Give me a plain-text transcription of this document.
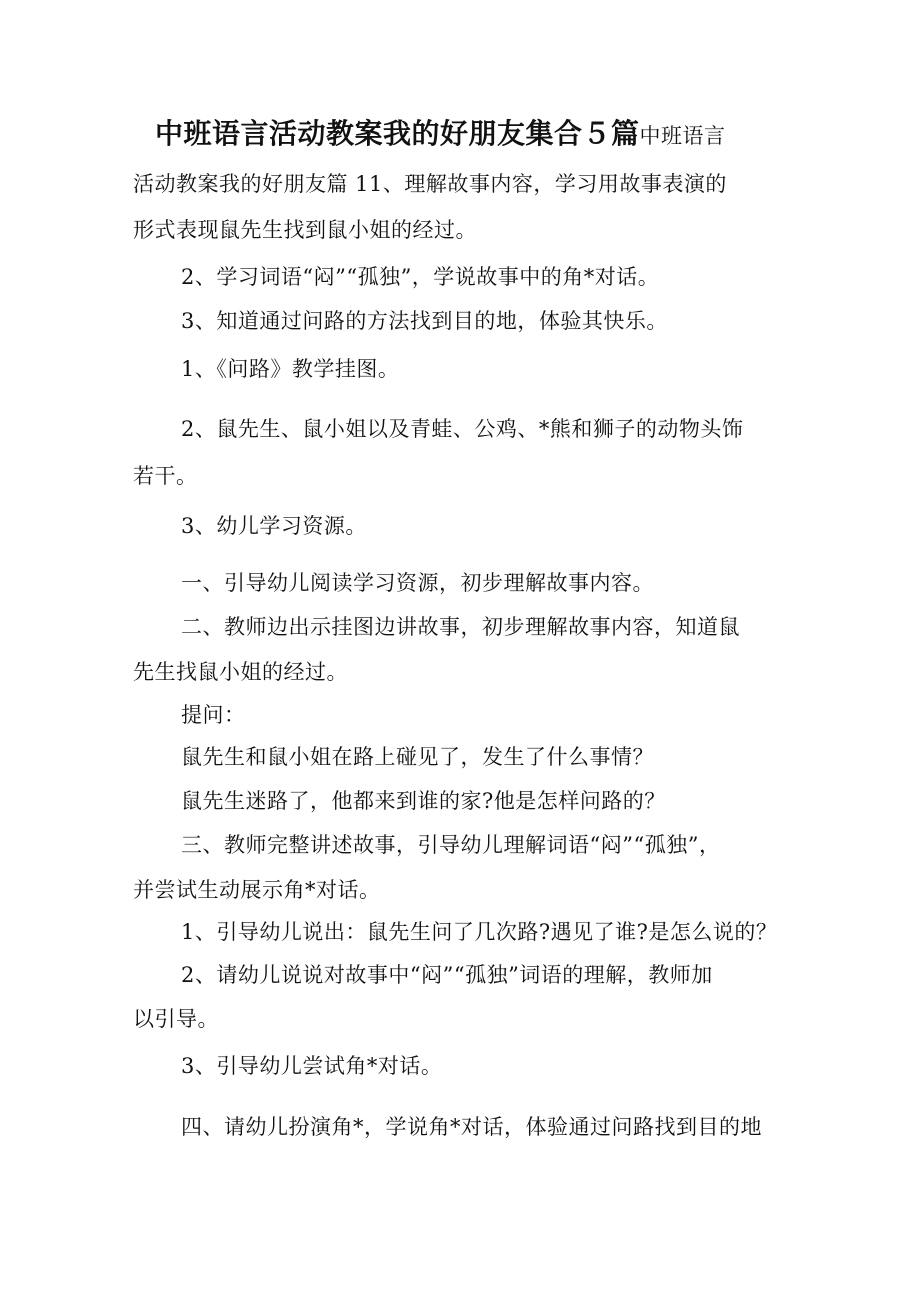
中班语言活动教案我的好朋友集合５篇中班语言
活动教案我的好朋友篇 11、理解故事内容，学习用故事表演的
形式表现鼠先生找到鼠小姐的经过。
2、学习词语“闷”“孤独”，学说故事中的角*对话。
3、知道通过问路的方法找到目的地，体验其快乐。
1、《问路》教学挂图。
2、鼠先生、鼠小姐以及青蛙、公鸡、*熊和狮子的动物头饰
若干。
3、幼儿学习资源。
一、引导幼儿阅读学习资源，初步理解故事内容。
二、教师边出示挂图边讲故事，初步理解故事内容，知道鼠
先生找鼠小姐的经过。
提问：
鼠先生和鼠小姐在路上碰见了，发生了什么事情？
鼠先生迷路了，他都来到谁的家?他是怎样问路的？
三、教师完整讲述故事，引导幼儿理解词语“闷”“孤独”，
并尝试生动展示角*对话。
1、引导幼儿说出：鼠先生问了几次路?遇见了谁?是怎么说的？
2、请幼儿说说对故事中“闷”“孤独”词语的理解，教师加
以引导。
3、引导幼儿尝试角*对话。
四、请幼儿扮演角*，学说角*对话，体验通过问路找到目的地
